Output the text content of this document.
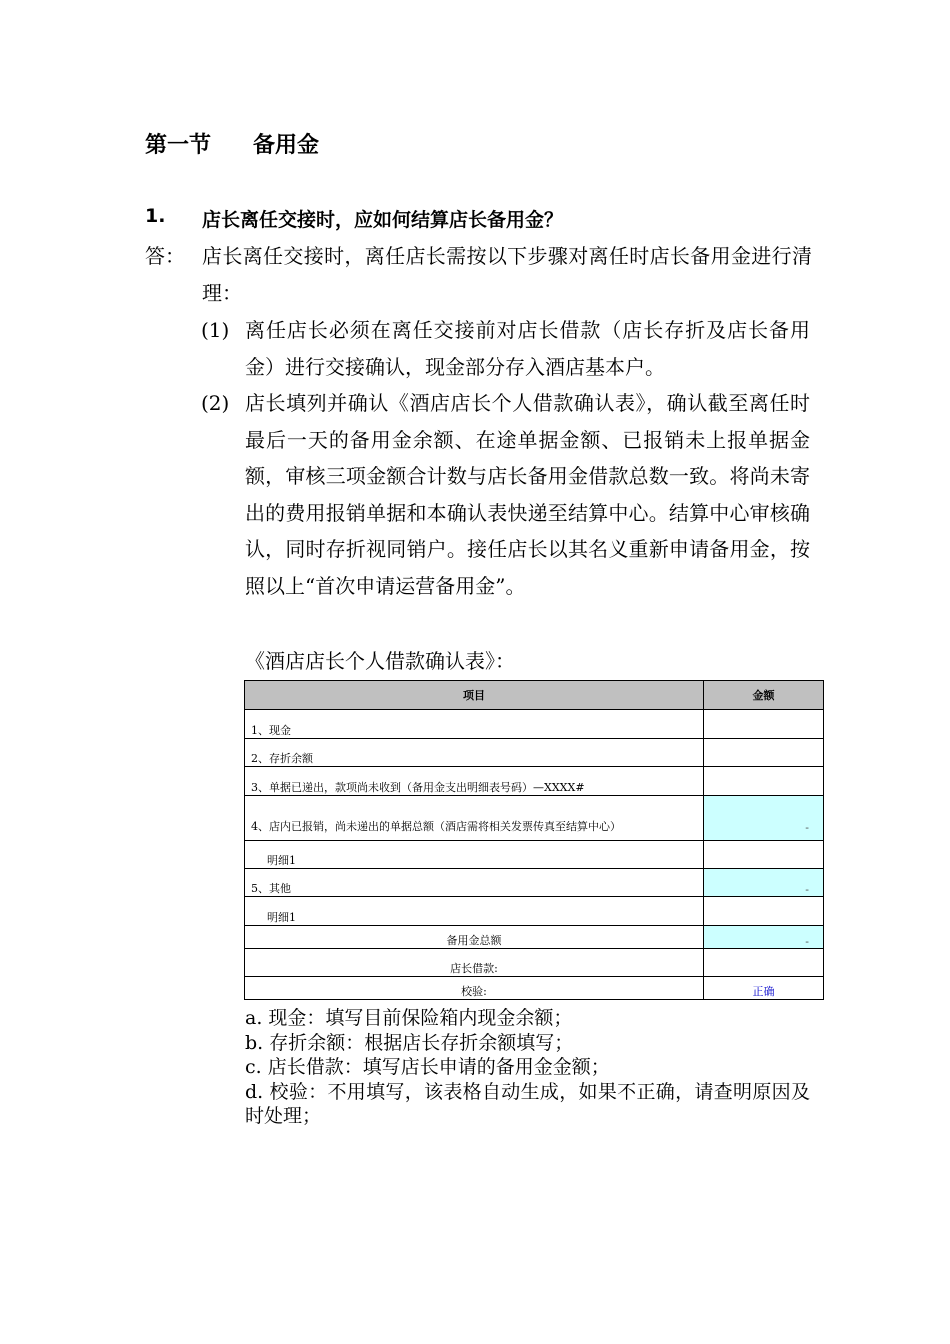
第一节 备用金
1. 店长离任交接时，应如何结算店长备用金？
答： 店长离任交接时，离任店长需按以下步骤对离任时店长备用金进行清理：
(1) 离任店长必须在离任交接前对店长借款（店长存折及店长备用金）进行交接确认，现金部分存入酒店基本户。
(2) 店长填列并确认《酒店店长个人借款确认表》，确认截至离任时最后一天的备用金余额、在途单据金额、已报销未上报单据金额，审核三项金额合计数与店长备用金借款总数一致。将尚未寄出的费用报销单据和本确认表快递至结算中心。结算中心审核确认，同时存折视同销户。接任店长以其名义重新申请备用金，按照以上“首次申请运营备用金”。
《酒店店长个人借款确认表》：
项目	金额
1、现金	
2、存折余额	
3、单据已递出，款项尚未收到（备用金支出明细表号码）—XXXX#	
4、店内已报销，尚未递出的单据总额（酒店需将相关发票传真至结算中心）	-
明细1	
5、其他	-
明细1	
备用金总额	-
店长借款:	
校验:	正确
a. 现金：填写目前保险箱内现金余额；
b. 存折余额：根据店长存折余额填写；
c. 店长借款：填写店长申请的备用金金额；
d. 校验：不用填写，该表格自动生成，如果不正确，请查明原因及时处理；
